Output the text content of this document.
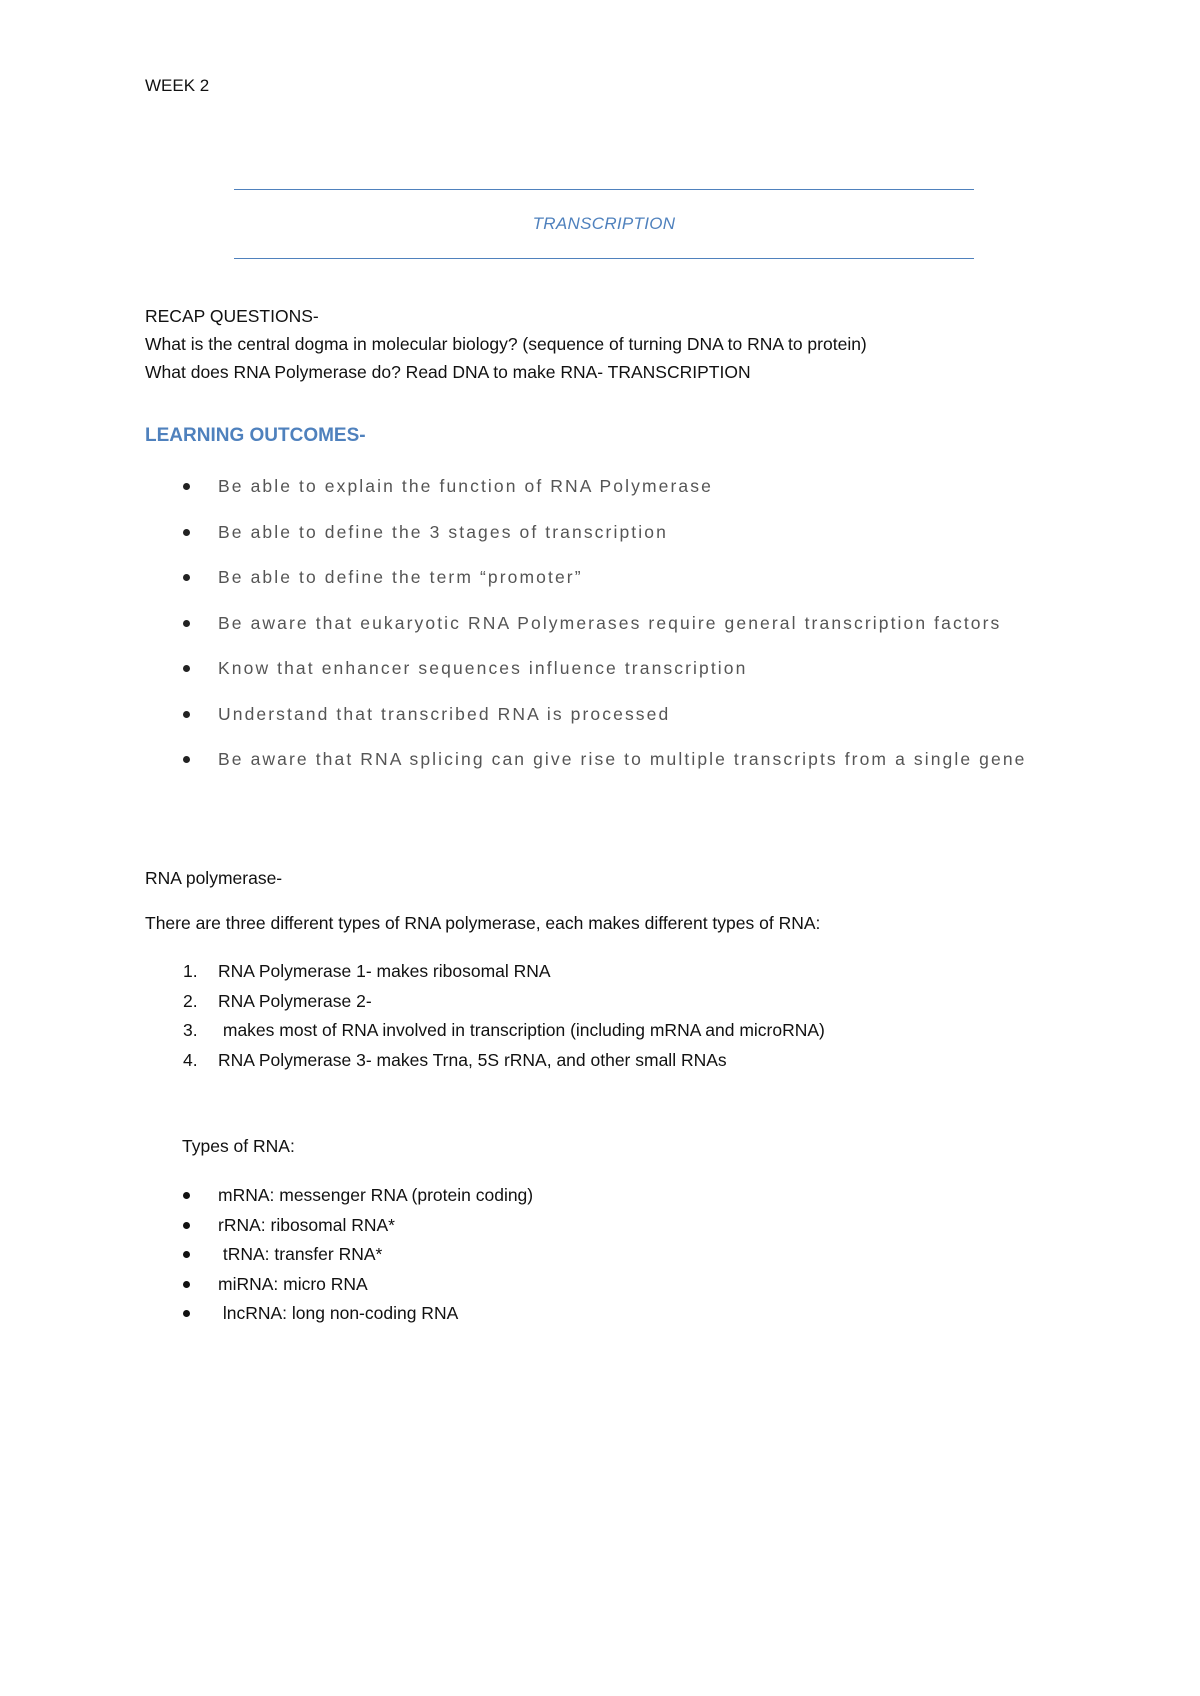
WEEK 2
TRANSCRIPTION
RECAP QUESTIONS-
What is the central dogma in molecular biology? (sequence of turning DNA to RNA to protein)
What does RNA Polymerase do? Read DNA to make RNA- TRANSCRIPTION
LEARNING OUTCOMES-
Be able to explain the function of RNA Polymerase
Be able to define the 3 stages of transcription
Be able to define the term “promoter”
Be aware that eukaryotic RNA Polymerases require general transcription factors
Know that enhancer sequences influence transcription
Understand that transcribed RNA is processed
Be aware that RNA splicing can give rise to multiple transcripts from a single gene
RNA polymerase-
There are three different types of RNA polymerase, each makes different types of RNA:
1. RNA Polymerase 1- makes ribosomal RNA
2. RNA Polymerase 2-
3. makes most of RNA involved in transcription (including mRNA and microRNA)
4. RNA Polymerase 3- makes Trna, 5S rRNA, and other small RNAs
Types of RNA:
mRNA: messenger RNA (protein coding)
rRNA: ribosomal RNA*
tRNA: transfer RNA*
miRNA: micro RNA
lncRNA: long non-coding RNA
